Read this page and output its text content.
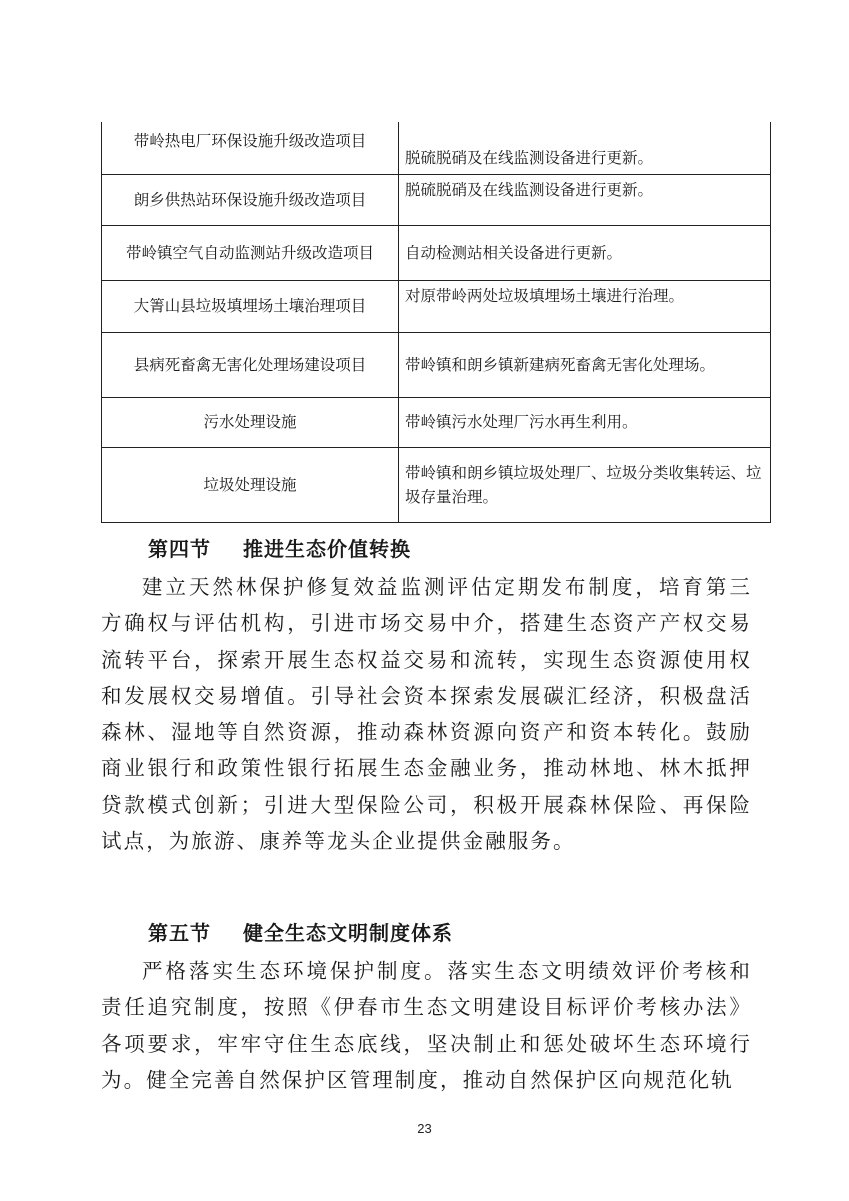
带岭热电厂环保设施升级改造项目	脱硫脱硝及在线监测设备进行更新。

朗乡供热站环保设施升级改造项目	脱硫脱硝及在线监测设备进行更新。
带岭镇空气自动监测站升级改造项目	自动检测站相关设备进行更新。
大箐山县垃圾填埋场土壤治理项目	对原带岭两处垃圾填埋场土壤进行治理。
县病死畜禽无害化处理场建设项目	带岭镇和朗乡镇新建病死畜禽无害化处理场。
污水处理设施	带岭镇污水处理厂污水再生利用。
垃圾处理设施	带岭镇和朗乡镇垃圾处理厂、垃圾分类收集转运、垃圾存量治理。
第四节 推进生态价值转换
建立天然林保护修复效益监测评估定期发布制度，培育第三方确权与评估机构，引进市场交易中介，搭建生态资产产权交易流转平台，探索开展生态权益交易和流转，实现生态资源使用权和发展权交易增值。引导社会资本探索发展碳汇经济，积极盘活森林、湿地等自然资源，推动森林资源向资产和资本转化。鼓励商业银行和政策性银行拓展生态金融业务，推动林地、林木抵押贷款模式创新；引进大型保险公司，积极开展森林保险、再保险试点，为旅游、康养等龙头企业提供金融服务。
第五节 健全生态文明制度体系
严格落实生态环境保护制度。落实生态文明绩效评价考核和责任追究制度，按照《伊春市生态文明建设目标评价考核办法》各项要求，牢牢守住生态底线，坚决制止和惩处破坏生态环境行为。健全完善自然保护区管理制度，推动自然保护区向规范化轨
23
